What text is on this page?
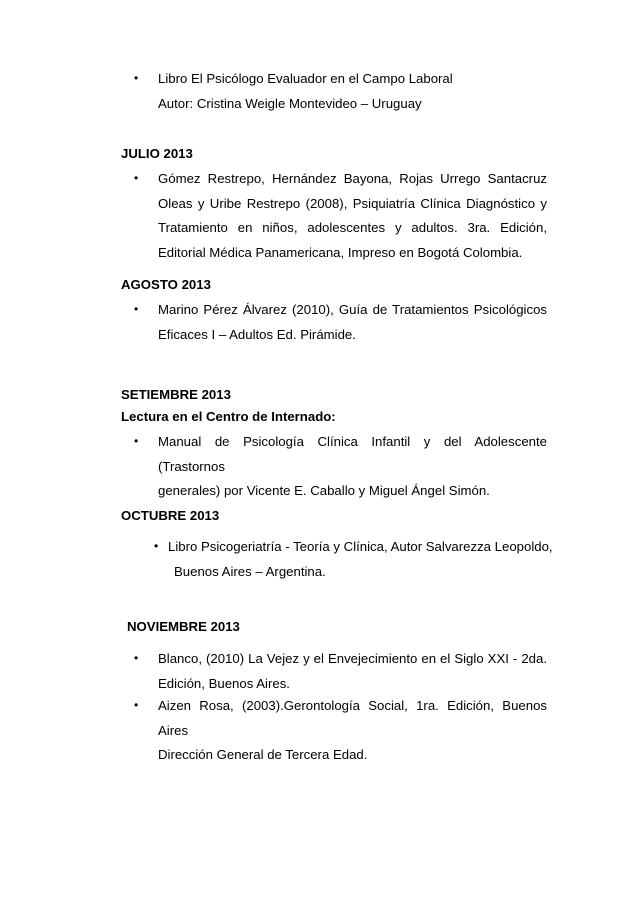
• Libro El Psicólogo Evaluador en el Campo Laboral
Autor: Cristina Weigle Montevideo – Uruguay
JULIO 2013
• Gómez Restrepo, Hernández Bayona, Rojas Urrego Santacruz
Oleas y Uribe Restrepo (2008), Psiquiatría Clínica Diagnóstico y
Tratamiento en niños, adolescentes y adultos. 3ra. Edición,
Editorial Médica Panamericana, Impreso en Bogotá Colombia.
AGOSTO 2013
• Marino Pérez Álvarez (2010), Guía de Tratamientos Psicológicos
Eficaces I – Adultos Ed. Pirámide.
SETIEMBRE 2013
Lectura en el Centro de Internado:
• Manual de Psicología Clínica Infantil y del Adolescente (Trastornos
generales) por Vicente E. Caballo y Miguel Ángel Simón.
OCTUBRE 2013
• Libro Psicogeriatría - Teoría y Clínica, Autor Salvarezza Leopoldo,
Buenos Aires – Argentina.
NOVIEMBRE 2013
• Blanco, (2010) La Vejez y el Envejecimiento en el Siglo XXI - 2da.
Edición, Buenos Aires.
• Aizen Rosa, (2003).Gerontología Social, 1ra. Edición, Buenos Aires
Dirección General de Tercera Edad.
